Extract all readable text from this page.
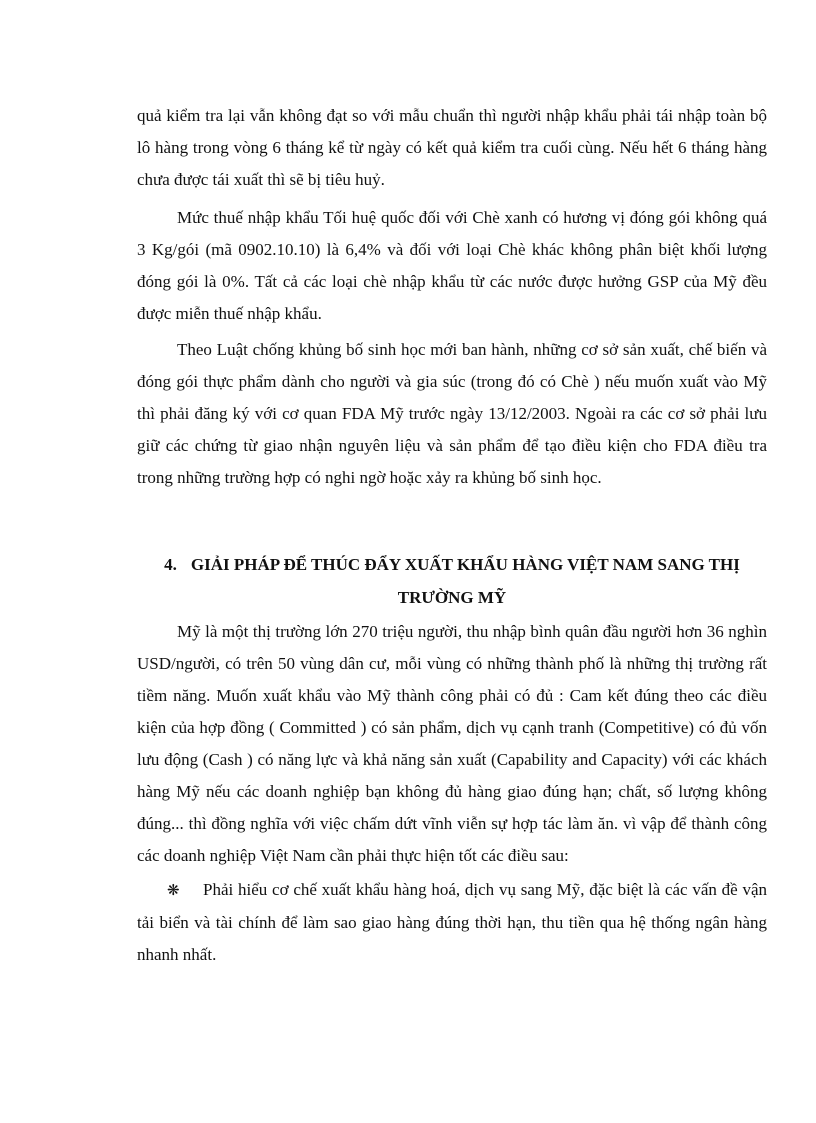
quả kiểm tra lại vẫn không đạt so với mẫu chuẩn thì người nhập khẩu phải tái nhập toàn bộ lô hàng trong vòng 6 tháng kể từ ngày có kết quả kiểm tra cuối cùng. Nếu hết 6 tháng hàng chưa được tái xuất thì sẽ bị tiêu huỷ.

Mức thuế nhập khẩu Tối huệ quốc đối với Chè xanh có hương vị đóng gói không quá 3 Kg/gói (mã 0902.10.10) là 6,4% và đối với loại Chè khác không phân biệt khối lượng đóng gói là 0%. Tất cả các loại chè nhập khẩu từ các nước được hưởng GSP của Mỹ đều được miễn thuế nhập khẩu.

Theo Luật chống khủng bố sinh học mới ban hành, những cơ sở sản xuất, chế biến và đóng gói thực phẩm dành cho người và gia súc (trong đó có Chè ) nếu muốn xuất vào Mỹ thì phải đăng ký với cơ quan FDA Mỹ trước ngày 13/12/2003. Ngoài ra các cơ sở phải lưu giữ các chứng từ giao nhận nguyên liệu và sản phẩm để tạo điều kiện cho FDA điều tra trong những trường hợp có nghi ngờ hoặc xảy ra khủng bố sinh học.

4. GIẢI PHÁP ĐỂ THÚC ĐẨY XUẤT KHẨU HÀNG VIỆT NAM SANG THỊ TRƯỜNG MỸ

Mỹ là một thị trường lớn 270 triệu người, thu nhập bình quân đầu người hơn 36 nghìn USD/người, có trên 50 vùng dân cư, mỗi vùng có những thành phố là những thị trường rất tiềm năng. Muốn xuất khẩu vào Mỹ thành công phải có đủ : Cam kết đúng theo các điều kiện của hợp đồng ( Committed ) có sản phẩm, dịch vụ cạnh tranh (Competitive) có đủ vốn lưu động (Cash ) có năng lực và khả năng sản xuất (Capability and Capacity) với các khách hàng Mỹ nếu các doanh nghiệp bạn không đủ hàng giao đúng hạn; chất, số lượng không đúng... thì đồng nghĩa với việc chấm dứt vĩnh viễn sự hợp tác làm ăn. vì vập để thành công các doanh nghiệp Việt Nam cần phải thực hiện tốt các điều sau:

❋ Phải hiểu cơ chế xuất khẩu hàng hoá, dịch vụ sang Mỹ, đặc biệt là các vấn đề vận tải biển và tài chính để làm sao giao hàng đúng thời hạn, thu tiền qua hệ thống ngân hàng nhanh nhất.
